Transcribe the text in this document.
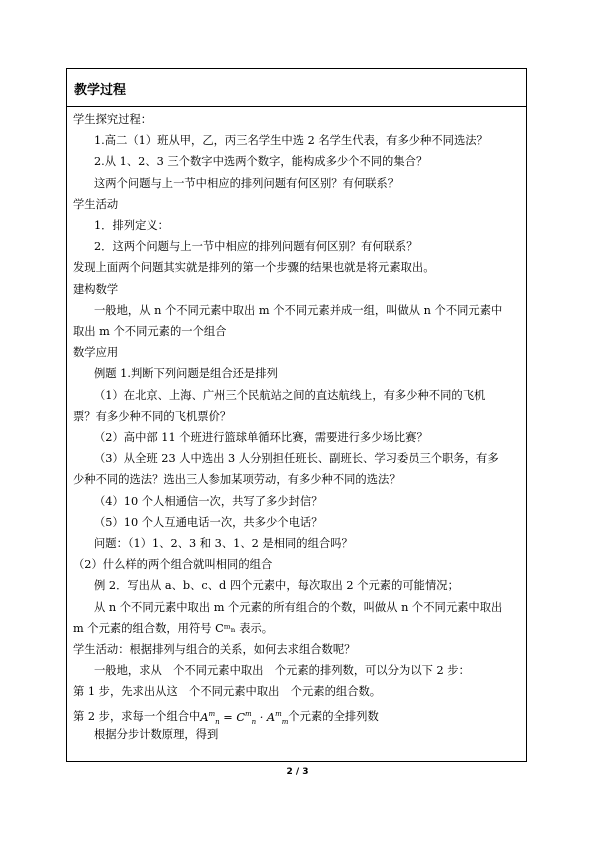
教学过程
学生探究过程：
1.高二（1）班从甲，乙，丙三名学生中选 2 名学生代表，有多少种不同选法？
2.从 1、2、3 三个数字中选两个数字，能构成多少个不同的集合？
这两个问题与上一节中相应的排列问题有何区别？有何联系？
学生活动
1．排列定义：
2．这两个问题与上一节中相应的排列问题有何区别？有何联系？
发现上面两个问题其实就是排列的第一个步骤的结果也就是将元素取出。
建构数学
一般地，从 n 个不同元素中取出 m 个不同元素并成一组，叫做从 n 个不同元素中
取出 m 个不同元素的一个组合
数学应用
例题 1.判断下列问题是组合还是排列
（1）在北京、上海、广州三个民航站之间的直达航线上，有多少种不同的飞机
票？有多少种不同的飞机票价？
（2）高中部 11 个班进行篮球单循环比赛，需要进行多少场比赛？
（3）从全班 23 人中选出 3 人分别担任班长、副班长、学习委员三个职务，有多
少种不同的选法？选出三人参加某项劳动，有多少种不同的选法？
（4）10 个人相通信一次，共写了多少封信？
（5）10 个人互通电话一次，共多少个电话？
问题：（1）1、2、3 和 3、1、2 是相同的组合吗？
（2）什么样的两个组合就叫相同的组合
例 2．写出从 a、b、c、d 四个元素中，每次取出 2 个元素的可能情况；
从 n 个不同元素中取出 m 个元素的所有组合的个数，叫做从 n 个不同元素中取出
m 个元素的组合数，用符号 Cᵐₙ 表示。
学生活动：根据排列与组合的关系，如何去求组合数呢？
一般地，求从　个不同元素中取出　个元素的排列数，可以分为以下 2 步：
第 1 步，先求出从这　个不同元素中取出　个元素的组合数。
第 2 步，求每一个组合中 $A^m_n = C^m_n \cdot A^m_m$ 个元素的全排列数
根据分步计数原理，得到
2 / 3
